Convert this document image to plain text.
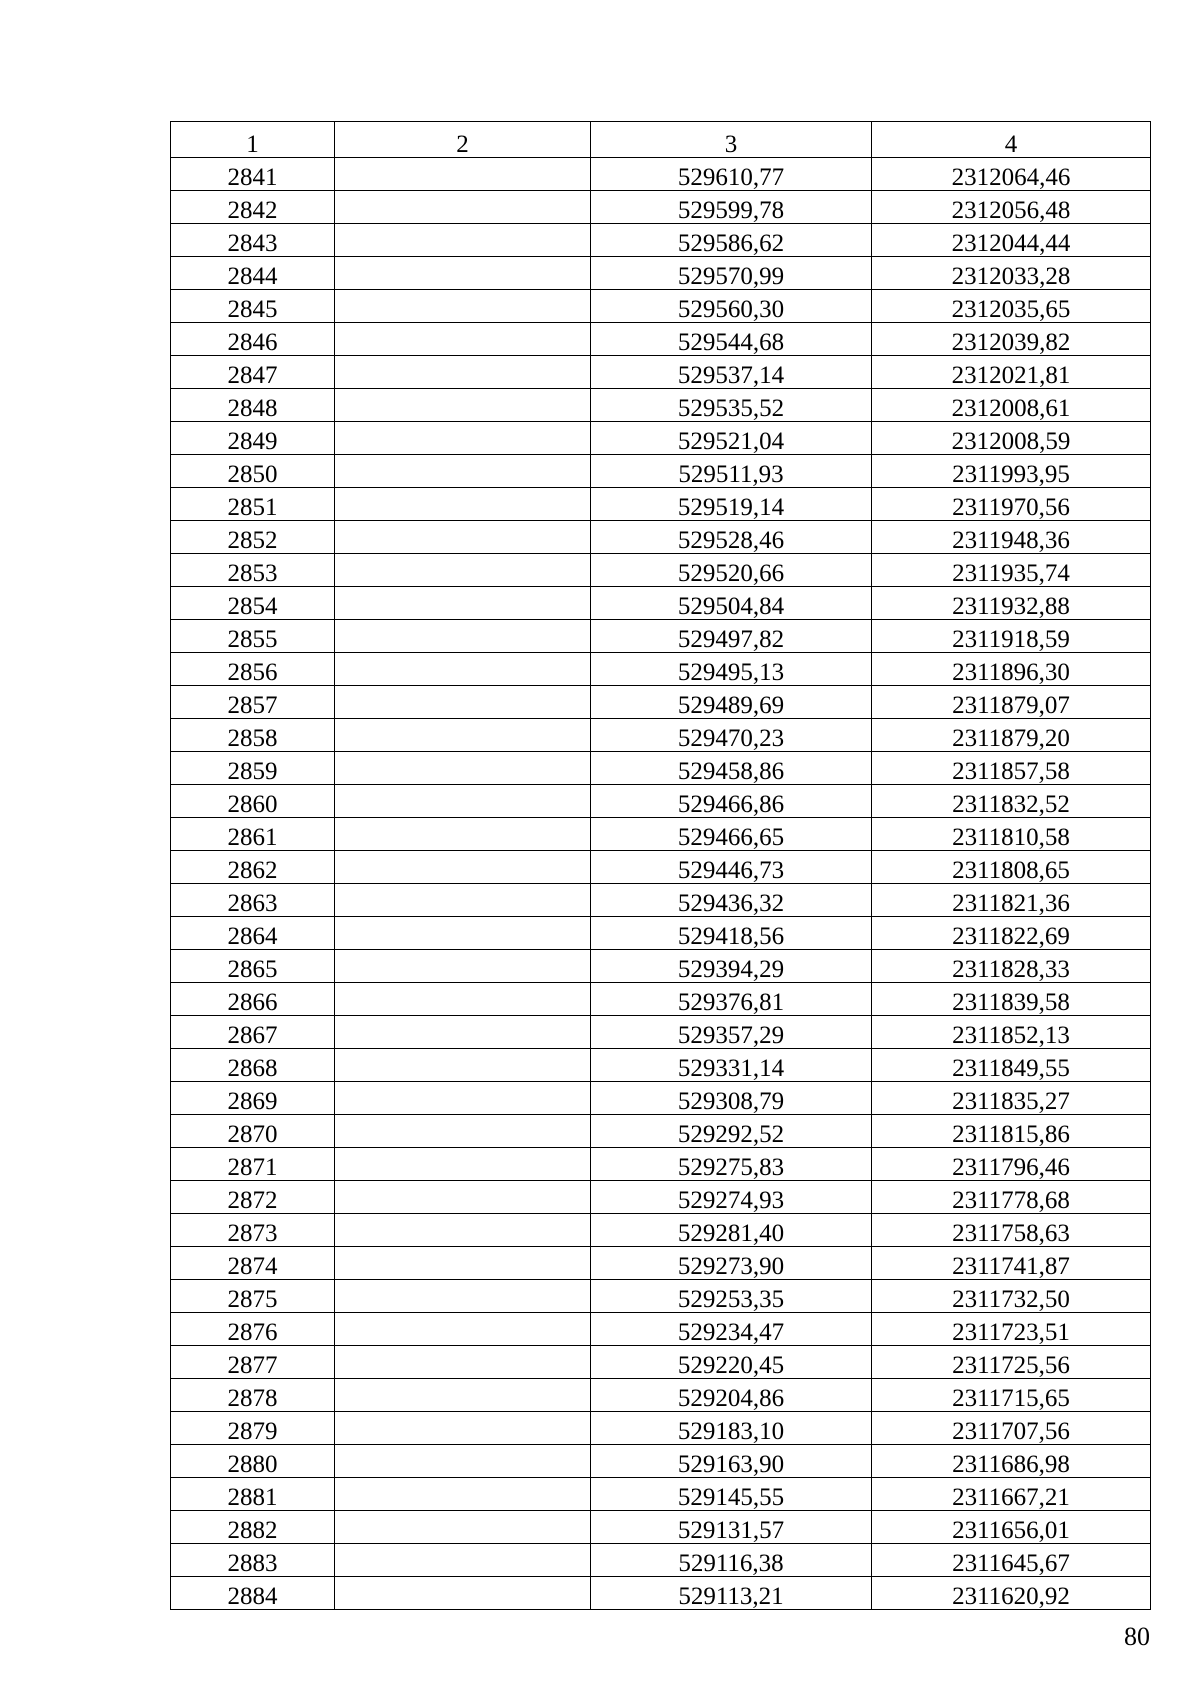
1	2	3	4
2841		529610,77	2312064,46
2842		529599,78	2312056,48
2843		529586,62	2312044,44
2844		529570,99	2312033,28
2845		529560,30	2312035,65
2846		529544,68	2312039,82
2847		529537,14	2312021,81
2848		529535,52	2312008,61
2849		529521,04	2312008,59
2850		529511,93	2311993,95
2851		529519,14	2311970,56
2852		529528,46	2311948,36
2853		529520,66	2311935,74
2854		529504,84	2311932,88
2855		529497,82	2311918,59
2856		529495,13	2311896,30
2857		529489,69	2311879,07
2858		529470,23	2311879,20
2859		529458,86	2311857,58
2860		529466,86	2311832,52
2861		529466,65	2311810,58
2862		529446,73	2311808,65
2863		529436,32	2311821,36
2864		529418,56	2311822,69
2865		529394,29	2311828,33
2866		529376,81	2311839,58
2867		529357,29	2311852,13
2868		529331,14	2311849,55
2869		529308,79	2311835,27
2870		529292,52	2311815,86
2871		529275,83	2311796,46
2872		529274,93	2311778,68
2873		529281,40	2311758,63
2874		529273,90	2311741,87
2875		529253,35	2311732,50
2876		529234,47	2311723,51
2877		529220,45	2311725,56
2878		529204,86	2311715,65
2879		529183,10	2311707,56
2880		529163,90	2311686,98
2881		529145,55	2311667,21
2882		529131,57	2311656,01
2883		529116,38	2311645,67
2884		529113,21	2311620,92
80
